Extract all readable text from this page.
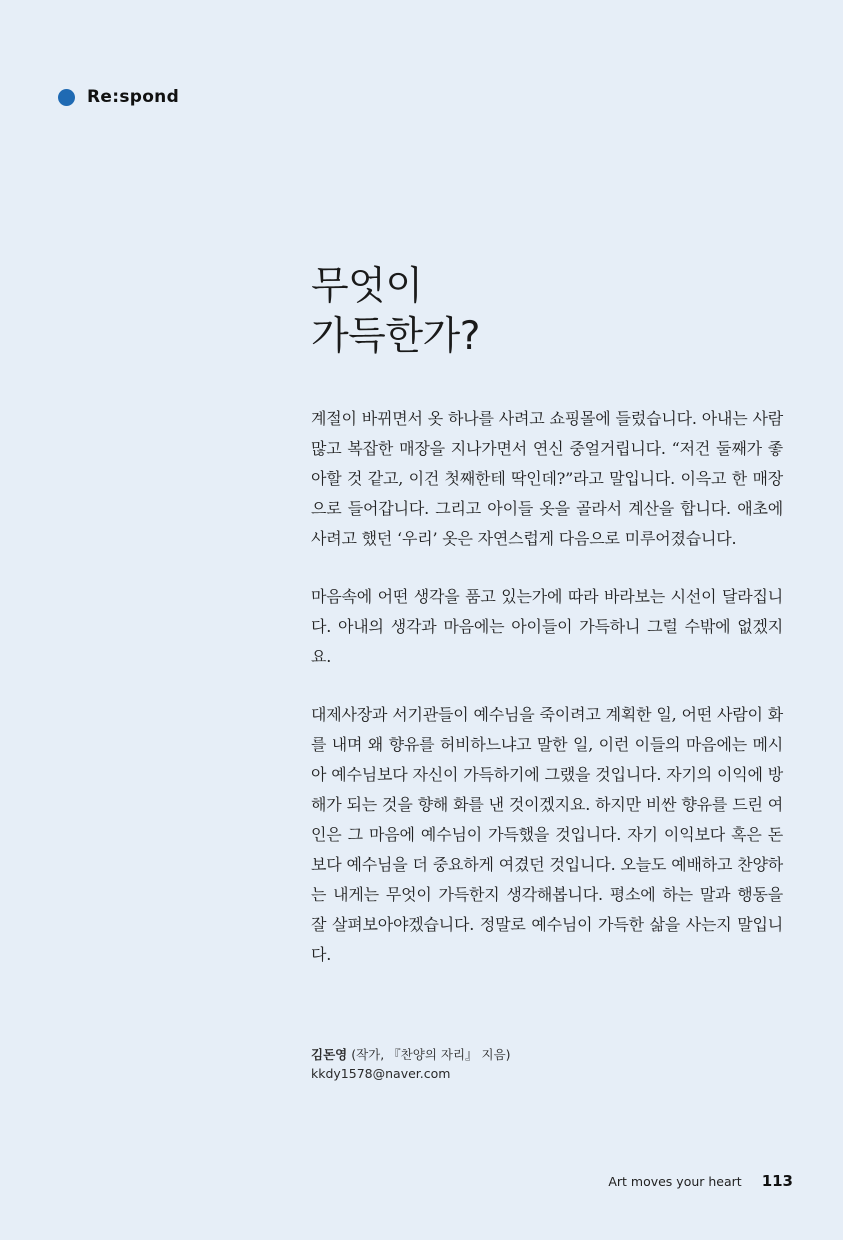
Re:spond
무엇이
가득한가?

계절이 바뀌면서 옷 하나를 사려고 쇼핑몰에 들렀습니다. 아내는 사람 많고 복잡한 매장을 지나가면서 연신 중얼거립니다. “저건 둘째가 좋아할 것 같고, 이건 첫째한테 딱인데?”라고 말입니다. 이윽고 한 매장으로 들어갑니다. 그리고 아이들 옷을 골라서 계산을 합니다. 애초에 사려고 했던 ‘우리’ 옷은 자연스럽게 다음으로 미루어졌습니다.

마음속에 어떤 생각을 품고 있는가에 따라 바라보는 시선이 달라집니다. 아내의 생각과 마음에는 아이들이 가득하니 그럴 수밖에 없겠지요.

대제사장과 서기관들이 예수님을 죽이려고 계획한 일, 어떤 사람이 화를 내며 왜 향유를 허비하느냐고 말한 일, 이런 이들의 마음에는 메시아 예수님보다 자신이 가득하기에 그랬을 것입니다. 자기의 이익에 방해가 되는 것을 향해 화를 낸 것이겠지요. 하지만 비싼 향유를 드린 여인은 그 마음에 예수님이 가득했을 것입니다. 자기 이익보다 혹은 돈보다 예수님을 더 중요하게 여겼던 것입니다. 오늘도 예배하고 찬양하는 내게는 무엇이 가득한지 생각해봅니다. 평소에 하는 말과 행동을 잘 살펴보아야겠습니다. 정말로 예수님이 가득한 삶을 사는지 말입니다.

김돈영 (작가, 『찬양의 자리』 지음)
kkdy1578@naver.com
Art moves your heart 113
